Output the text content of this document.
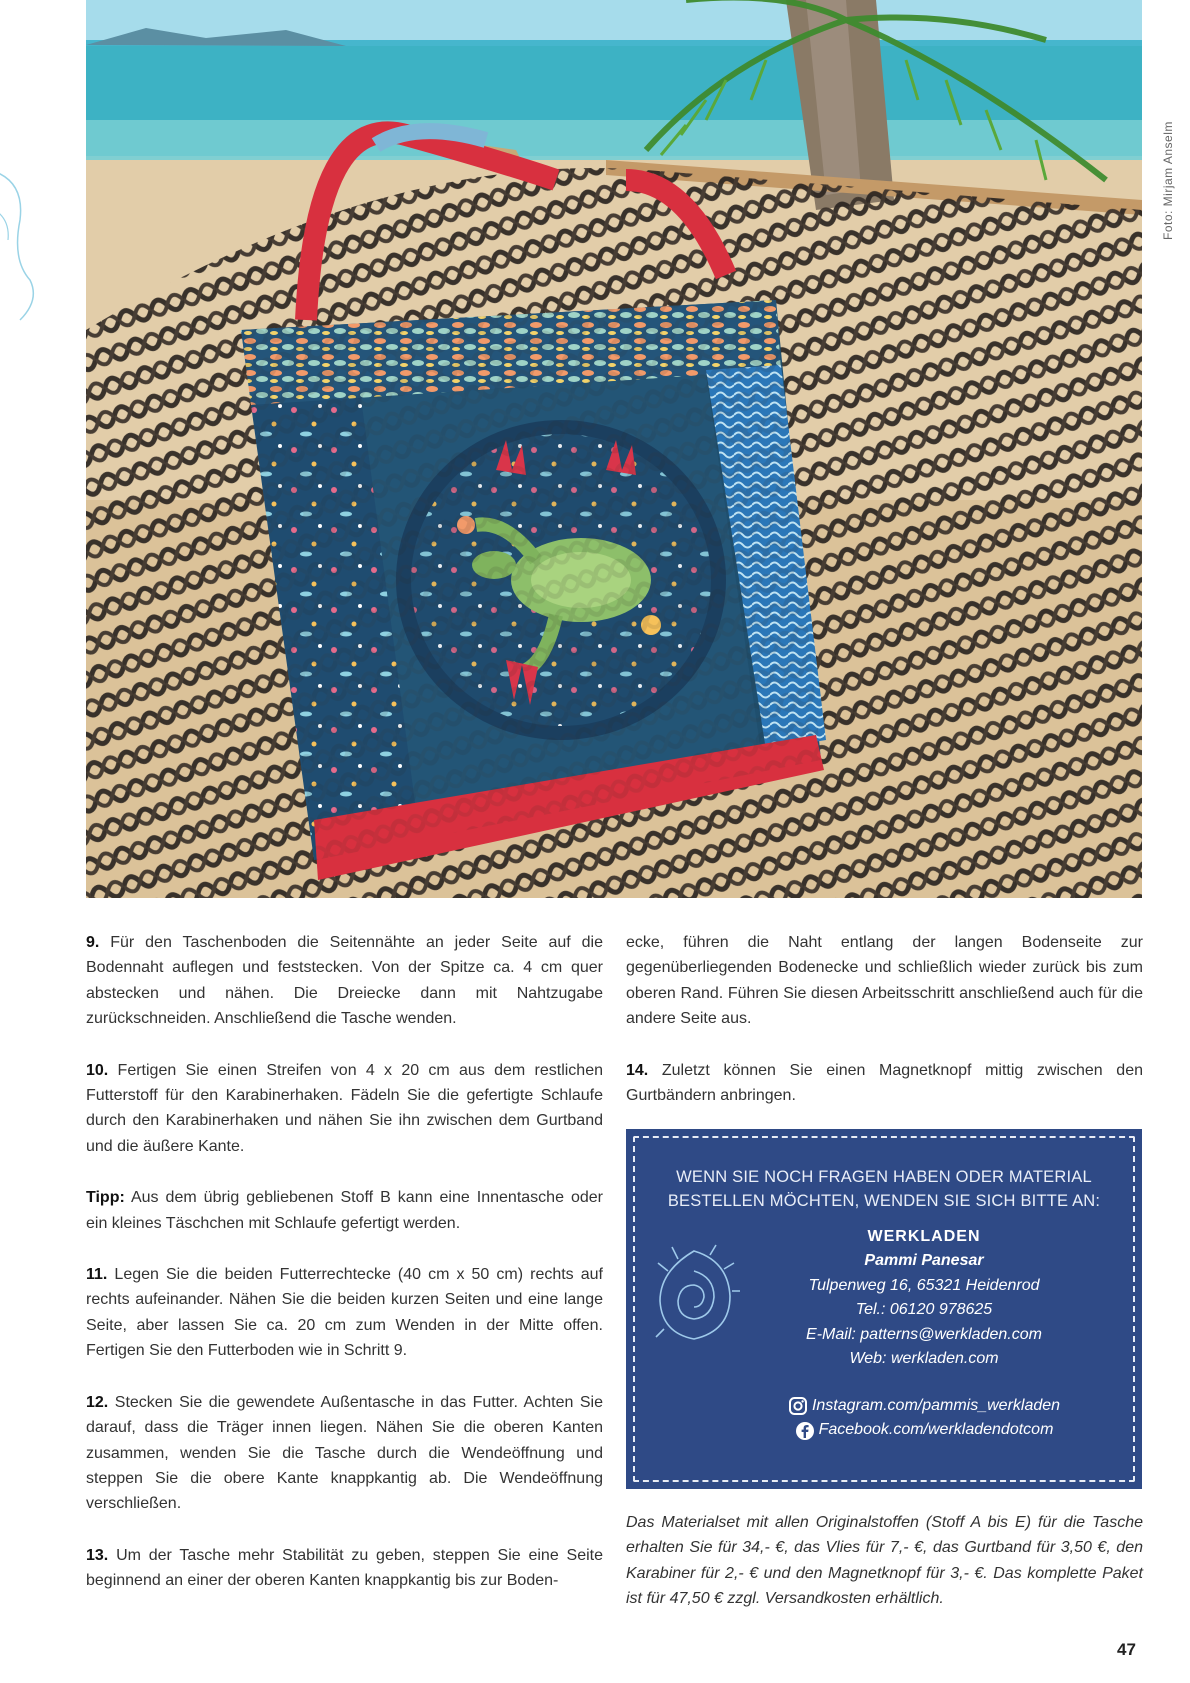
Foto: Mirjam Anselm

9. Für den Taschenboden die Seitennähte an jeder Seite auf die Bodennaht auflegen und feststecken. Von der Spitze ca. 4 cm quer abstecken und nähen. Die Dreiecke dann mit Nahtzugabe zurückschneiden. Anschließend die Tasche wenden.

10. Fertigen Sie einen Streifen von 4 x 20 cm aus dem restlichen Futterstoff für den Karabinerhaken. Fädeln Sie die gefertigte Schlaufe durch den Karabinerhaken und nähen Sie ihn zwischen dem Gurtband und die äußere Kante.

Tipp: Aus dem übrig gebliebenen Stoff B kann eine Innentasche oder ein kleines Täschchen mit Schlaufe gefertigt werden.

11. Legen Sie die beiden Futterrechtecke (40 cm x 50 cm) rechts auf rechts aufeinander. Nähen Sie die beiden kurzen Seiten und eine lange Seite, aber lassen Sie ca. 20 cm zum Wenden in der Mitte offen. Fertigen Sie den Futterboden wie in Schritt 9.

12. Stecken Sie die gewendete Außentasche in das Futter. Achten Sie darauf, dass die Träger innen liegen. Nähen Sie die oberen Kanten zusammen, wenden Sie die Tasche durch die Wendeöffnung und steppen Sie die obere Kante knappkantig ab. Die Wendeöffnung verschließen.

13. Um der Tasche mehr Stabilität zu geben, steppen Sie eine Seite beginnend an einer der oberen Kanten knappkantig bis zur Boden-

ecke, führen die Naht entlang der langen Bodenseite zur gegenüberliegenden Bodenecke und schließlich wieder zurück bis zum oberen Rand. Führen Sie diesen Arbeitsschritt anschließend auch für die andere Seite aus.

14. Zuletzt können Sie einen Magnetknopf mittig zwischen den Gurtbändern anbringen.

WENN SIE NOCH FRAGEN HABEN ODER MATERIAL
BESTELLEN MÖCHTEN, WENDEN SIE SICH BITTE AN:
WERKLADEN
Pammi Panesar
Tulpenweg 16, 65321 Heidenrod
Tel.: 06120 978625
E-Mail: patterns@werkladen.com
Web: werkladen.com
Instagram.com/pammis_werkladen
Facebook.com/werkladendotcom

Das Materialset mit allen Originalstoffen (Stoff A bis E) für die Tasche erhalten Sie für 34,- €, das Vlies für 7,- €, das Gurtband für 3,50 €, den Karabiner für 2,- € und den Magnetknopf für 3,- €. Das komplette Paket ist für 47,50 € zzgl. Versandkosten erhältlich.

47
